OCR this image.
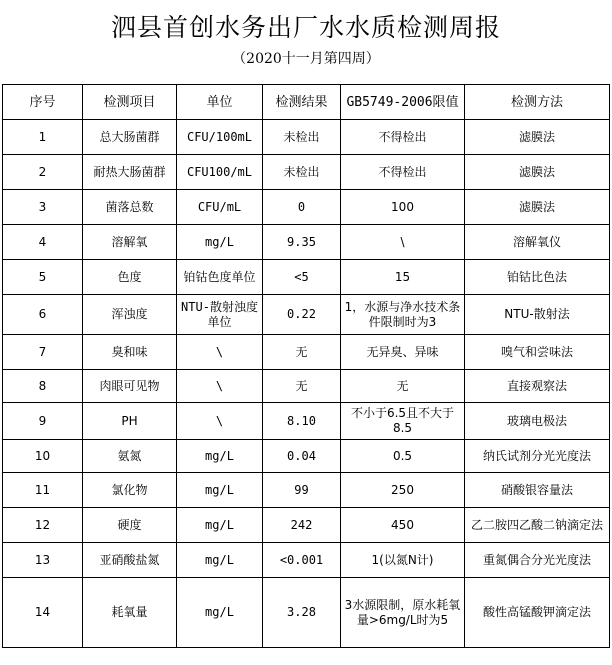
泗县首创水务出厂水水质检测周报
（2020十一月第四周）
序号	检测项目	单位	检测结果	GB5749-2006限值	检测方法
1	总大肠菌群	CFU/100mL	未检出	不得检出	滤膜法
2	耐热大肠菌群	CFU100/mL	未检出	不得检出	滤膜法
3	菌落总数	CFU/mL	0	100	滤膜法
4	溶解氧	mg/L	9.35	\	溶解氧仪
5	色度	铂钴色度单位	<5	15	铂钴比色法
6	浑浊度	NTU-散射浊度单位	0.22	1，水源与净水技术条件限制时为3	NTU-散射法
7	臭和味	\	无	无异臭、异味	嗅气和尝味法
8	肉眼可见物	\	无	无	直接观察法
9	PH	\	8.10	不小于6.5且不大于8.5	玻璃电极法
10	氨氮	mg/L	0.04	0.5	纳氏试剂分光光度法
11	氯化物	mg/L	99	250	硝酸银容量法
12	硬度	mg/L	242	450	乙二胺四乙酸二钠滴定法
13	亚硝酸盐氮	mg/L	<0.001	1(以氮N计)	重氮偶合分光光度法
14	耗氧量	mg/L	3.28	3水源限制，原水耗氧量>6mg/L时为5	酸性高锰酸钾滴定法
